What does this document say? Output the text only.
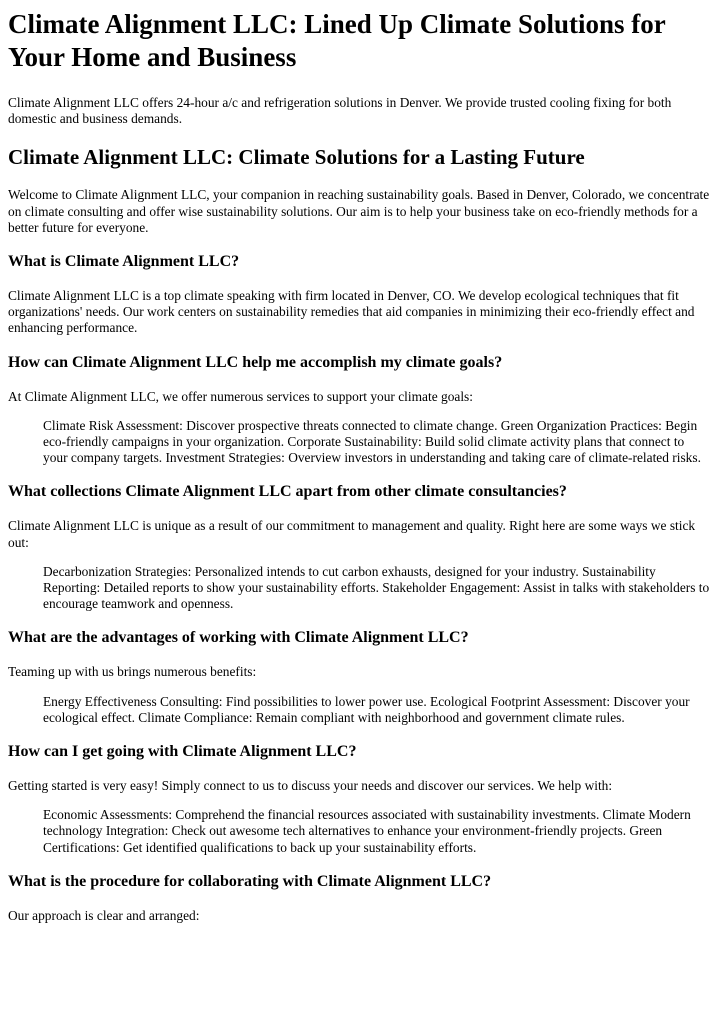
Climate Alignment LLC: Lined Up Climate Solutions for Your Home and Business

Climate Alignment LLC offers 24-hour a/c and refrigeration solutions in Denver. We provide trusted cooling fixing for both domestic and business demands.

Climate Alignment LLC: Climate Solutions for a Lasting Future

Welcome to Climate Alignment LLC, your companion in reaching sustainability goals. Based in Denver, Colorado, we concentrate on climate consulting and offer wise sustainability solutions. Our aim is to help your business take on eco-friendly methods for a better future for everyone.

What is Climate Alignment LLC?

Climate Alignment LLC is a top climate speaking with firm located in Denver, CO. We develop ecological techniques that fit organizations' needs. Our work centers on sustainability remedies that aid companies in minimizing their eco-friendly effect and enhancing performance.

How can Climate Alignment LLC help me accomplish my climate goals?

At Climate Alignment LLC, we offer numerous services to support your climate goals:

Climate Risk Assessment: Discover prospective threats connected to climate change. Green Organization Practices: Begin eco-friendly campaigns in your organization. Corporate Sustainability: Build solid climate activity plans that connect to your company targets. Investment Strategies: Overview investors in understanding and taking care of climate-related risks.
What collections Climate Alignment LLC apart from other climate consultancies?

Climate Alignment LLC is unique as a result of our commitment to management and quality. Right here are some ways we stick out:

Decarbonization Strategies: Personalized intends to cut carbon exhausts, designed for your industry. Sustainability Reporting: Detailed reports to show your sustainability efforts. Stakeholder Engagement: Assist in talks with stakeholders to encourage teamwork and openness.
What are the advantages of working with Climate Alignment LLC?

Teaming up with us brings numerous benefits:

Energy Effectiveness Consulting: Find possibilities to lower power use. Ecological Footprint Assessment: Discover your ecological effect. Climate Compliance: Remain compliant with neighborhood and government climate rules.
How can I get going with Climate Alignment LLC?

Getting started is very easy! Simply connect to us to discuss your needs and discover our services. We help with:

Economic Assessments: Comprehend the financial resources associated with sustainability investments. Climate Modern technology Integration: Check out awesome tech alternatives to enhance your environment-friendly projects. Green Certifications: Get identified qualifications to back up your sustainability efforts.
What is the procedure for collaborating with Climate Alignment LLC?

Our approach is clear and arranged:
